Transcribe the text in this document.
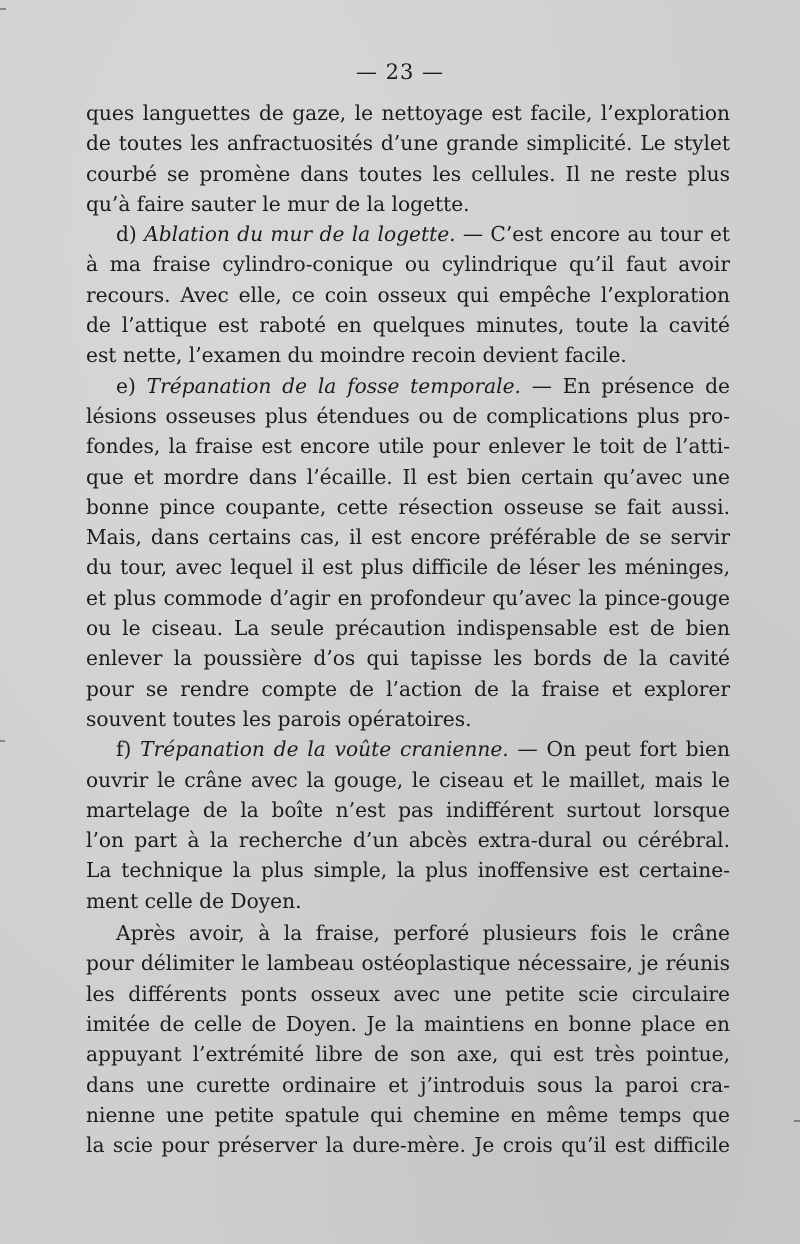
— 23 —
ques languettes de gaze, le nettoyage est facile, l’exploration
de toutes les anfractuosités d’une grande simplicité. Le stylet
courbé se promène dans toutes les cellules. Il ne reste plus
qu’à faire sauter le mur de la logette.
d) Ablation du mur de la logette. — C’est encore au tour et
à ma fraise cylindro-conique ou cylindrique qu’il faut avoir
recours. Avec elle, ce coin osseux qui empêche l’exploration
de l’attique est raboté en quelques minutes, toute la cavité
est nette, l’examen du moindre recoin devient facile.
e) Trépanation de la fosse temporale. — En présence de
lésions osseuses plus étendues ou de complications plus pro-
fondes, la fraise est encore utile pour enlever le toit de l’atti-
que et mordre dans l’écaille. Il est bien certain qu’avec une
bonne pince coupante, cette résection osseuse se fait aussi.
Mais, dans certains cas, il est encore préférable de se servir
du tour, avec lequel il est plus difficile de léser les méninges,
et plus commode d’agir en profondeur qu’avec la pince-gouge
ou le ciseau. La seule précaution indispensable est de bien
enlever la poussière d’os qui tapisse les bords de la cavité
pour se rendre compte de l’action de la fraise et explorer
souvent toutes les parois opératoires.
f) Trépanation de la voûte cranienne. — On peut fort bien
ouvrir le crâne avec la gouge, le ciseau et le maillet, mais le
martelage de la boîte n’est pas indifférent surtout lorsque
l’on part à la recherche d’un abcès extra-dural ou cérébral.
La technique la plus simple, la plus inoffensive est certaine-
ment celle de Doyen.
Après avoir, à la fraise, perforé plusieurs fois le crâne
pour délimiter le lambeau ostéoplastique nécessaire, je réunis
les différents ponts osseux avec une petite scie circulaire
imitée de celle de Doyen. Je la maintiens en bonne place en
appuyant l’extrémité libre de son axe, qui est très pointue,
dans une curette ordinaire et j’introduis sous la paroi cra-
nienne une petite spatule qui chemine en même temps que
la scie pour préserver la dure-mère. Je crois qu’il est difficile
